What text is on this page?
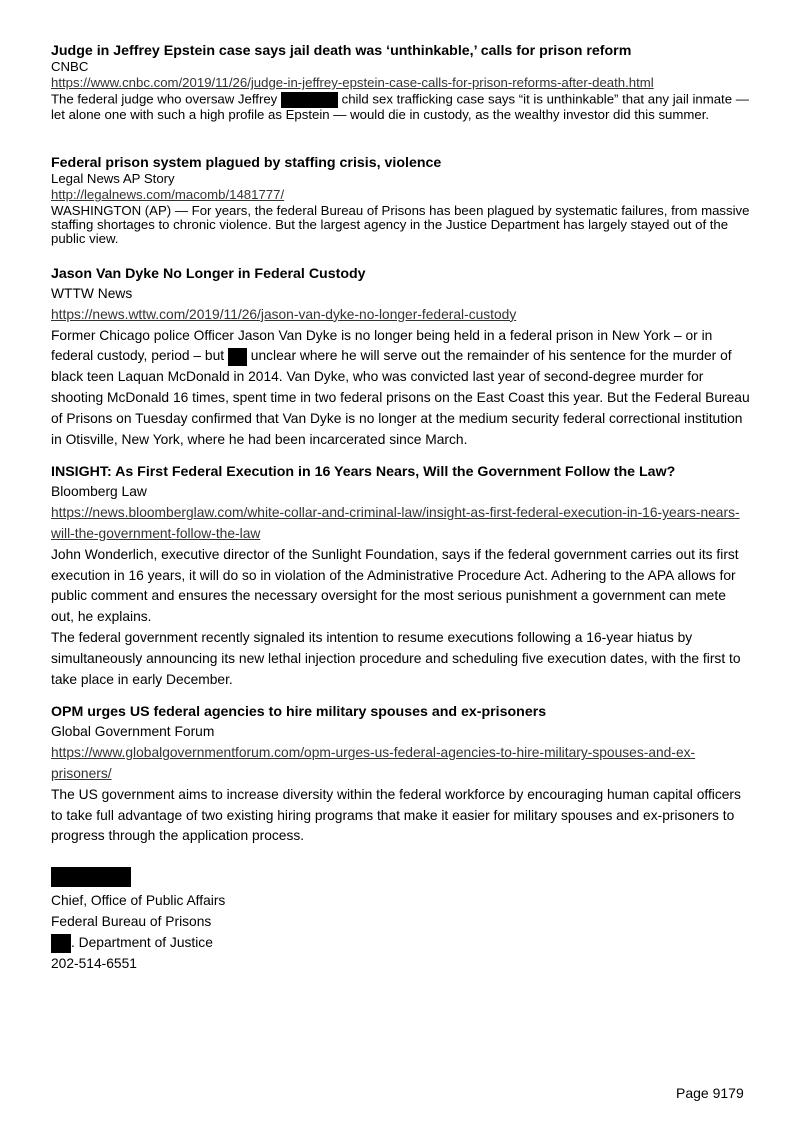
Judge in Jeffrey Epstein case says jail death was ‘unthinkable,’ calls for prison reform
CNBC
https://www.cnbc.com/2019/11/26/judge-in-jeffrey-epstein-case-calls-for-prison-reforms-after-death.html
The federal judge who oversaw Jeffrey	child sex trafficking case says “it is unthinkable” that any jail inmate — let alone one with such a high profile as Epstein — would die in custody, as the wealthy investor did this summer.
Federal prison system plagued by staffing crisis, violence
Legal News AP Story
http://legalnews.com/macomb/1481777/
WASHINGTON (AP) — For years, the federal Bureau of Prisons has been plagued by systematic failures, from massive staffing shortages to chronic violence. But the largest agency in the Justice Department has largely stayed out of the public view.
Jason Van Dyke No Longer in Federal Custody
WTTW News
https://news.wttw.com/2019/11/26/jason-van-dyke-no-longer-federal-custody
Former Chicago police Officer Jason Van Dyke is no longer being held in a federal prison in New York – or in federal custody, period – but unclear where he will serve out the remainder of his sentence for the murder of black teen Laquan McDonald in 2014. Van Dyke, who was convicted last year of second-degree murder for shooting McDonald 16 times, spent time in two federal prisons on the East Coast this year. But the Federal Bureau of Prisons on Tuesday confirmed that Van Dyke is no longer at the medium security federal correctional institution in Otisville, New York, where he had been incarcerated since March.
INSIGHT: As First Federal Execution in 16 Years Nears, Will the Government Follow the Law?
Bloomberg Law
https://news.bloomberglaw.com/white-collar-and-criminal-law/insight-as-first-federal-execution-in-16-years-nears-will-the-government-follow-the-law
John Wonderlich, executive director of the Sunlight Foundation, says if the federal government carries out its first execution in 16 years, it will do so in violation of the Administrative Procedure Act. Adhering to the APA allows for public comment and ensures the necessary oversight for the most serious punishment a government can mete out, he explains.
The federal government recently signaled its intention to resume executions following a 16-year hiatus by simultaneously announcing its new lethal injection procedure and scheduling five execution dates, with the first to take place in early December.
OPM urges US federal agencies to hire military spouses and ex-prisoners
Global Government Forum
https://www.globalgovernmentforum.com/opm-urges-us-federal-agencies-to-hire-military-spouses-and-ex-prisoners/
The US government aims to increase diversity within the federal workforce by encouraging human capital officers to take full advantage of two existing hiring programs that make it easier for military spouses and ex-prisoners to progress through the application process.
Chief, Office of Public Affairs
Federal Bureau of Prisons
. Department of Justice
202-514-6551
Page 9179
